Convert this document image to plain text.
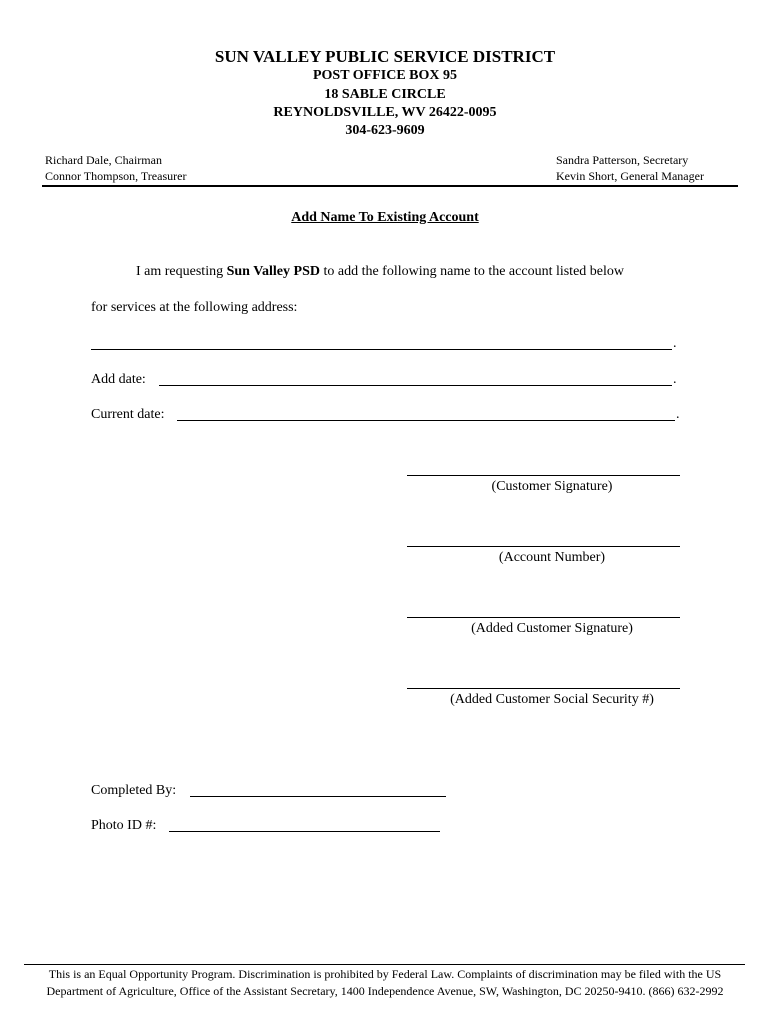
SUN VALLEY PUBLIC SERVICE DISTRICT
POST OFFICE BOX 95
18 SABLE CIRCLE
REYNOLDSVILLE, WV 26422-0095
304-623-9609
Richard Dale, Chairman
Connor Thompson, Treasurer
Sandra Patterson, Secretary
Kevin Short, General Manager
Add Name To Existing Account
I am requesting Sun Valley PSD to add the following name to the account listed below
for services at the following address:
.
Add date:	.
Current date:	.
(Customer Signature)
(Account Number)
(Added Customer Signature)
(Added Customer Social Security #)
Completed By:
Photo ID #:
This is an Equal Opportunity Program. Discrimination is prohibited by Federal Law. Complaints of discrimination may be filed with the US
Department of Agriculture, Office of the Assistant Secretary, 1400 Independence Avenue, SW, Washington, DC 20250-9410. (866) 632-2992
